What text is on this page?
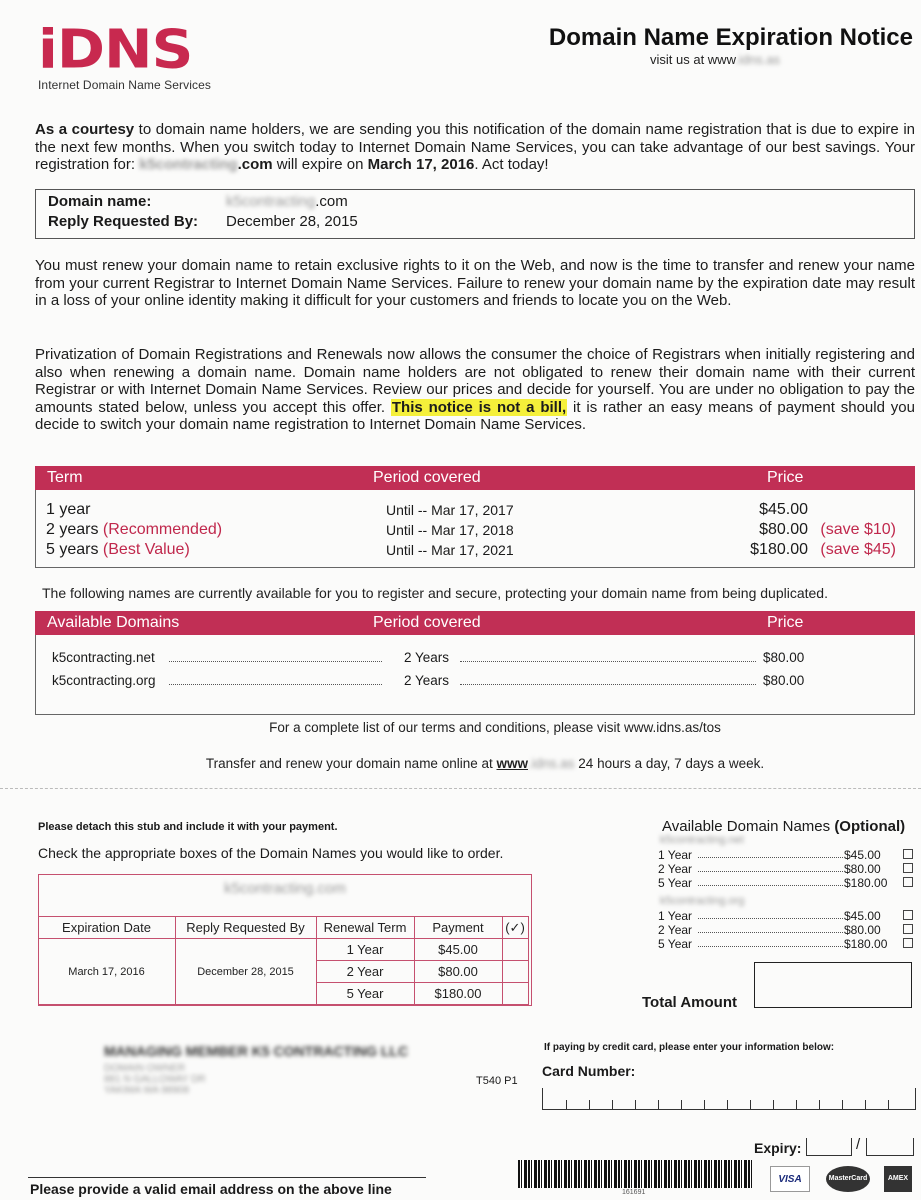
iDNS
Internet Domain Name Services
Domain Name Expiration Notice
visit us at www.idns.as
As a courtesy to domain name holders, we are sending you this notification of the domain name registration that is due to expire in the next few months. When you switch today to Internet Domain Name Services, you can take advantage of our best savings. Your registration for: k5contracting.com will expire on March 17, 2016. Act today!
Domain name:	k5contracting.com
Reply Requested By: December 28, 2015
You must renew your domain name to retain exclusive rights to it on the Web, and now is the time to transfer and renew your name from your current Registrar to Internet Domain Name Services. Failure to renew your domain name by the expiration date may result in a loss of your online identity making it difficult for your customers and friends to locate you on the Web.
Privatization of Domain Registrations and Renewals now allows the consumer the choice of Registrars when initially registering and also when renewing a domain name. Domain name holders are not obligated to renew their domain name with their current Registrar or with Internet Domain Name Services. Review our prices and decide for yourself. You are under no obligation to pay the amounts stated below, unless you accept this offer. This notice is not a bill, it is rather an easy means of payment should you decide to switch your domain name registration to Internet Domain Name Services.
Term	Period covered	Price
1 year	Until -- Mar 17, 2017	$45.00
2 years (Recommended)	Until -- Mar 17, 2018	$80.00 (save $10)
5 years (Best Value)	Until -- Mar 17, 2021	$180.00 (save $45)
The following names are currently available for you to register and secure, protecting your domain name from being duplicated.
Available Domains	Period covered	Price
k5contracting.net	2 Years	$80.00
k5contracting.org	2 Years	$80.00
For a complete list of our terms and conditions, please visit www.idns.as/tos
Transfer and renew your domain name online at www.idns.as 24 hours a day, 7 days a week.
Please detach this stub and include it with your payment.
Check the appropriate boxes of the Domain Names you would like to order.
k5contracting.com
Expiration Date	Reply Requested By	Renewal Term	Payment	(✓)
March 17, 2016	December 28, 2015	1 Year	$45.00	
		2 Year	$80.00	
		5 Year	$180.00	
MANAGING MEMBER K5 CONTRACTING LLC
DOMAIN OWNER
881 N GALLOWAY DR
YAKIMA WA 98908
T540 P1
Please provide a valid email address on the above line
Available Domain Names (Optional)
k5contracting.net
1 Year	$45.00
2 Year	$80.00
5 Year	$180.00
k5contracting.org
1 Year	$45.00
2 Year	$80.00
5 Year	$180.00
Total Amount
If paying by credit card, please enter your information below:
Card Number:
Expiry:	/
161691
VISA	MasterCard	AMEX
